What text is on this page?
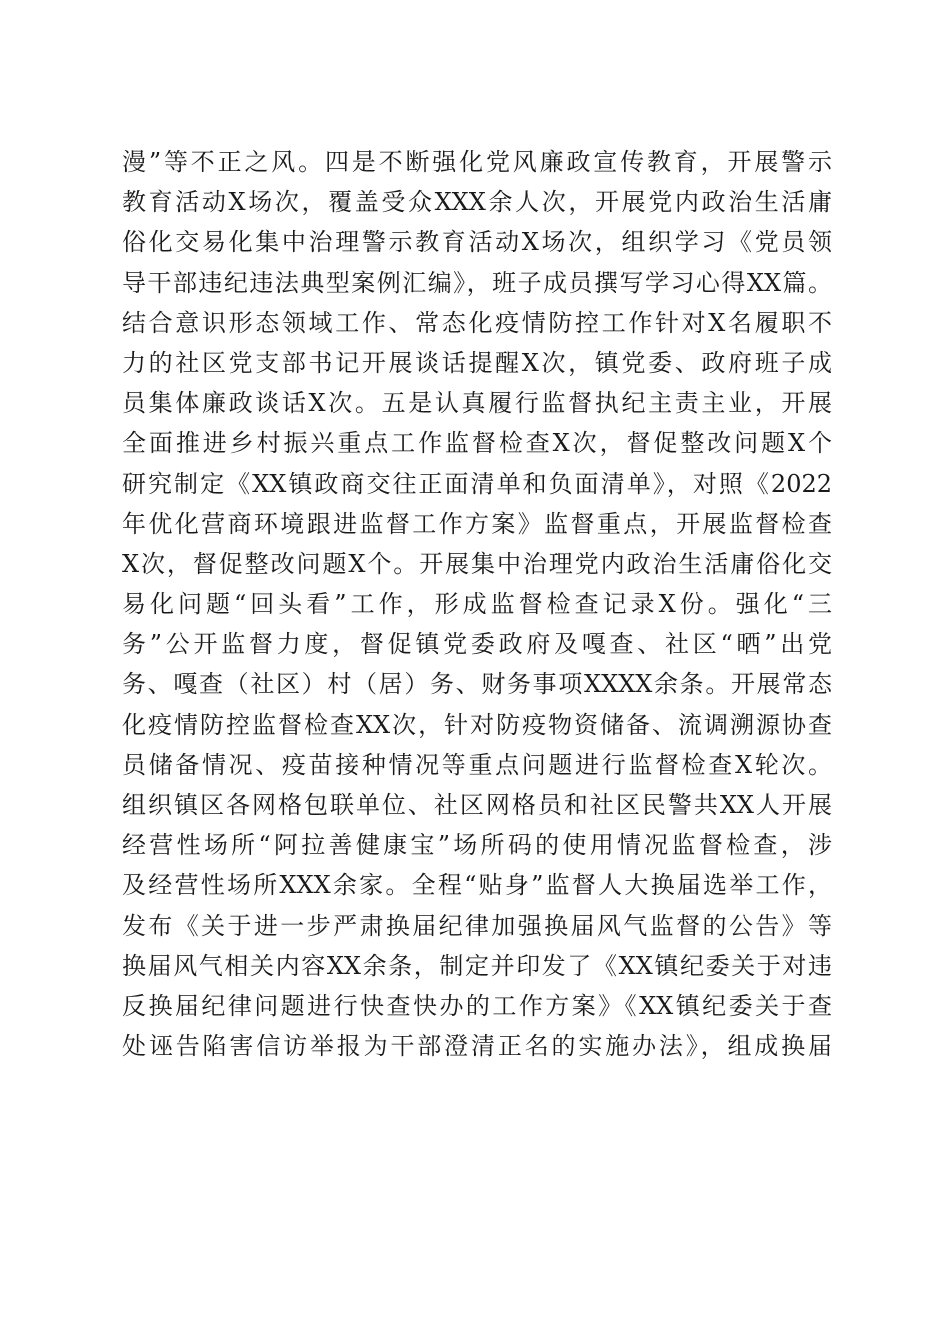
漫”等不正之风。四是不断强化党风廉政宣传教育，开展警示
教育活动X场次，覆盖受众XXX余人次，开展党内政治生活庸
俗化交易化集中治理警示教育活动X场次，组织学习《党员领
导干部违纪违法典型案例汇编》，班子成员撰写学习心得XX篇。
结合意识形态领域工作、常态化疫情防控工作针对X名履职不
力的社区党支部书记开展谈话提醒X次，镇党委、政府班子成
员集体廉政谈话X次。五是认真履行监督执纪主责主业，开展
全面推进乡村振兴重点工作监督检查X次，督促整改问题X个
研究制定《XX镇政商交往正面清单和负面清单》，对照《2022
年优化营商环境跟进监督工作方案》监督重点，开展监督检查
X次，督促整改问题X个。开展集中治理党内政治生活庸俗化交
易化问题“回头看”工作，形成监督检查记录X份。强化“三
务”公开监督力度，督促镇党委政府及嘎查、社区“晒”出党
务、嘎查（社区）村（居）务、财务事项XXXX余条。开展常态
化疫情防控监督检查XX次，针对防疫物资储备、流调溯源协查
员储备情况、疫苗接种情况等重点问题进行监督检查X轮次。
组织镇区各网格包联单位、社区网格员和社区民警共XX人开展
经营性场所“阿拉善健康宝”场所码的使用情况监督检查，涉
及经营性场所XXX余家。全程“贴身”监督人大换届选举工作，
发布《关于进一步严肃换届纪律加强换届风气监督的公告》等
换届风气相关内容XX余条，制定并印发了《XX镇纪委关于对违
反换届纪律问题进行快查快办的工作方案》《XX镇纪委关于查
处诬告陷害信访举报为干部澄清正名的实施办法》，组成换届
